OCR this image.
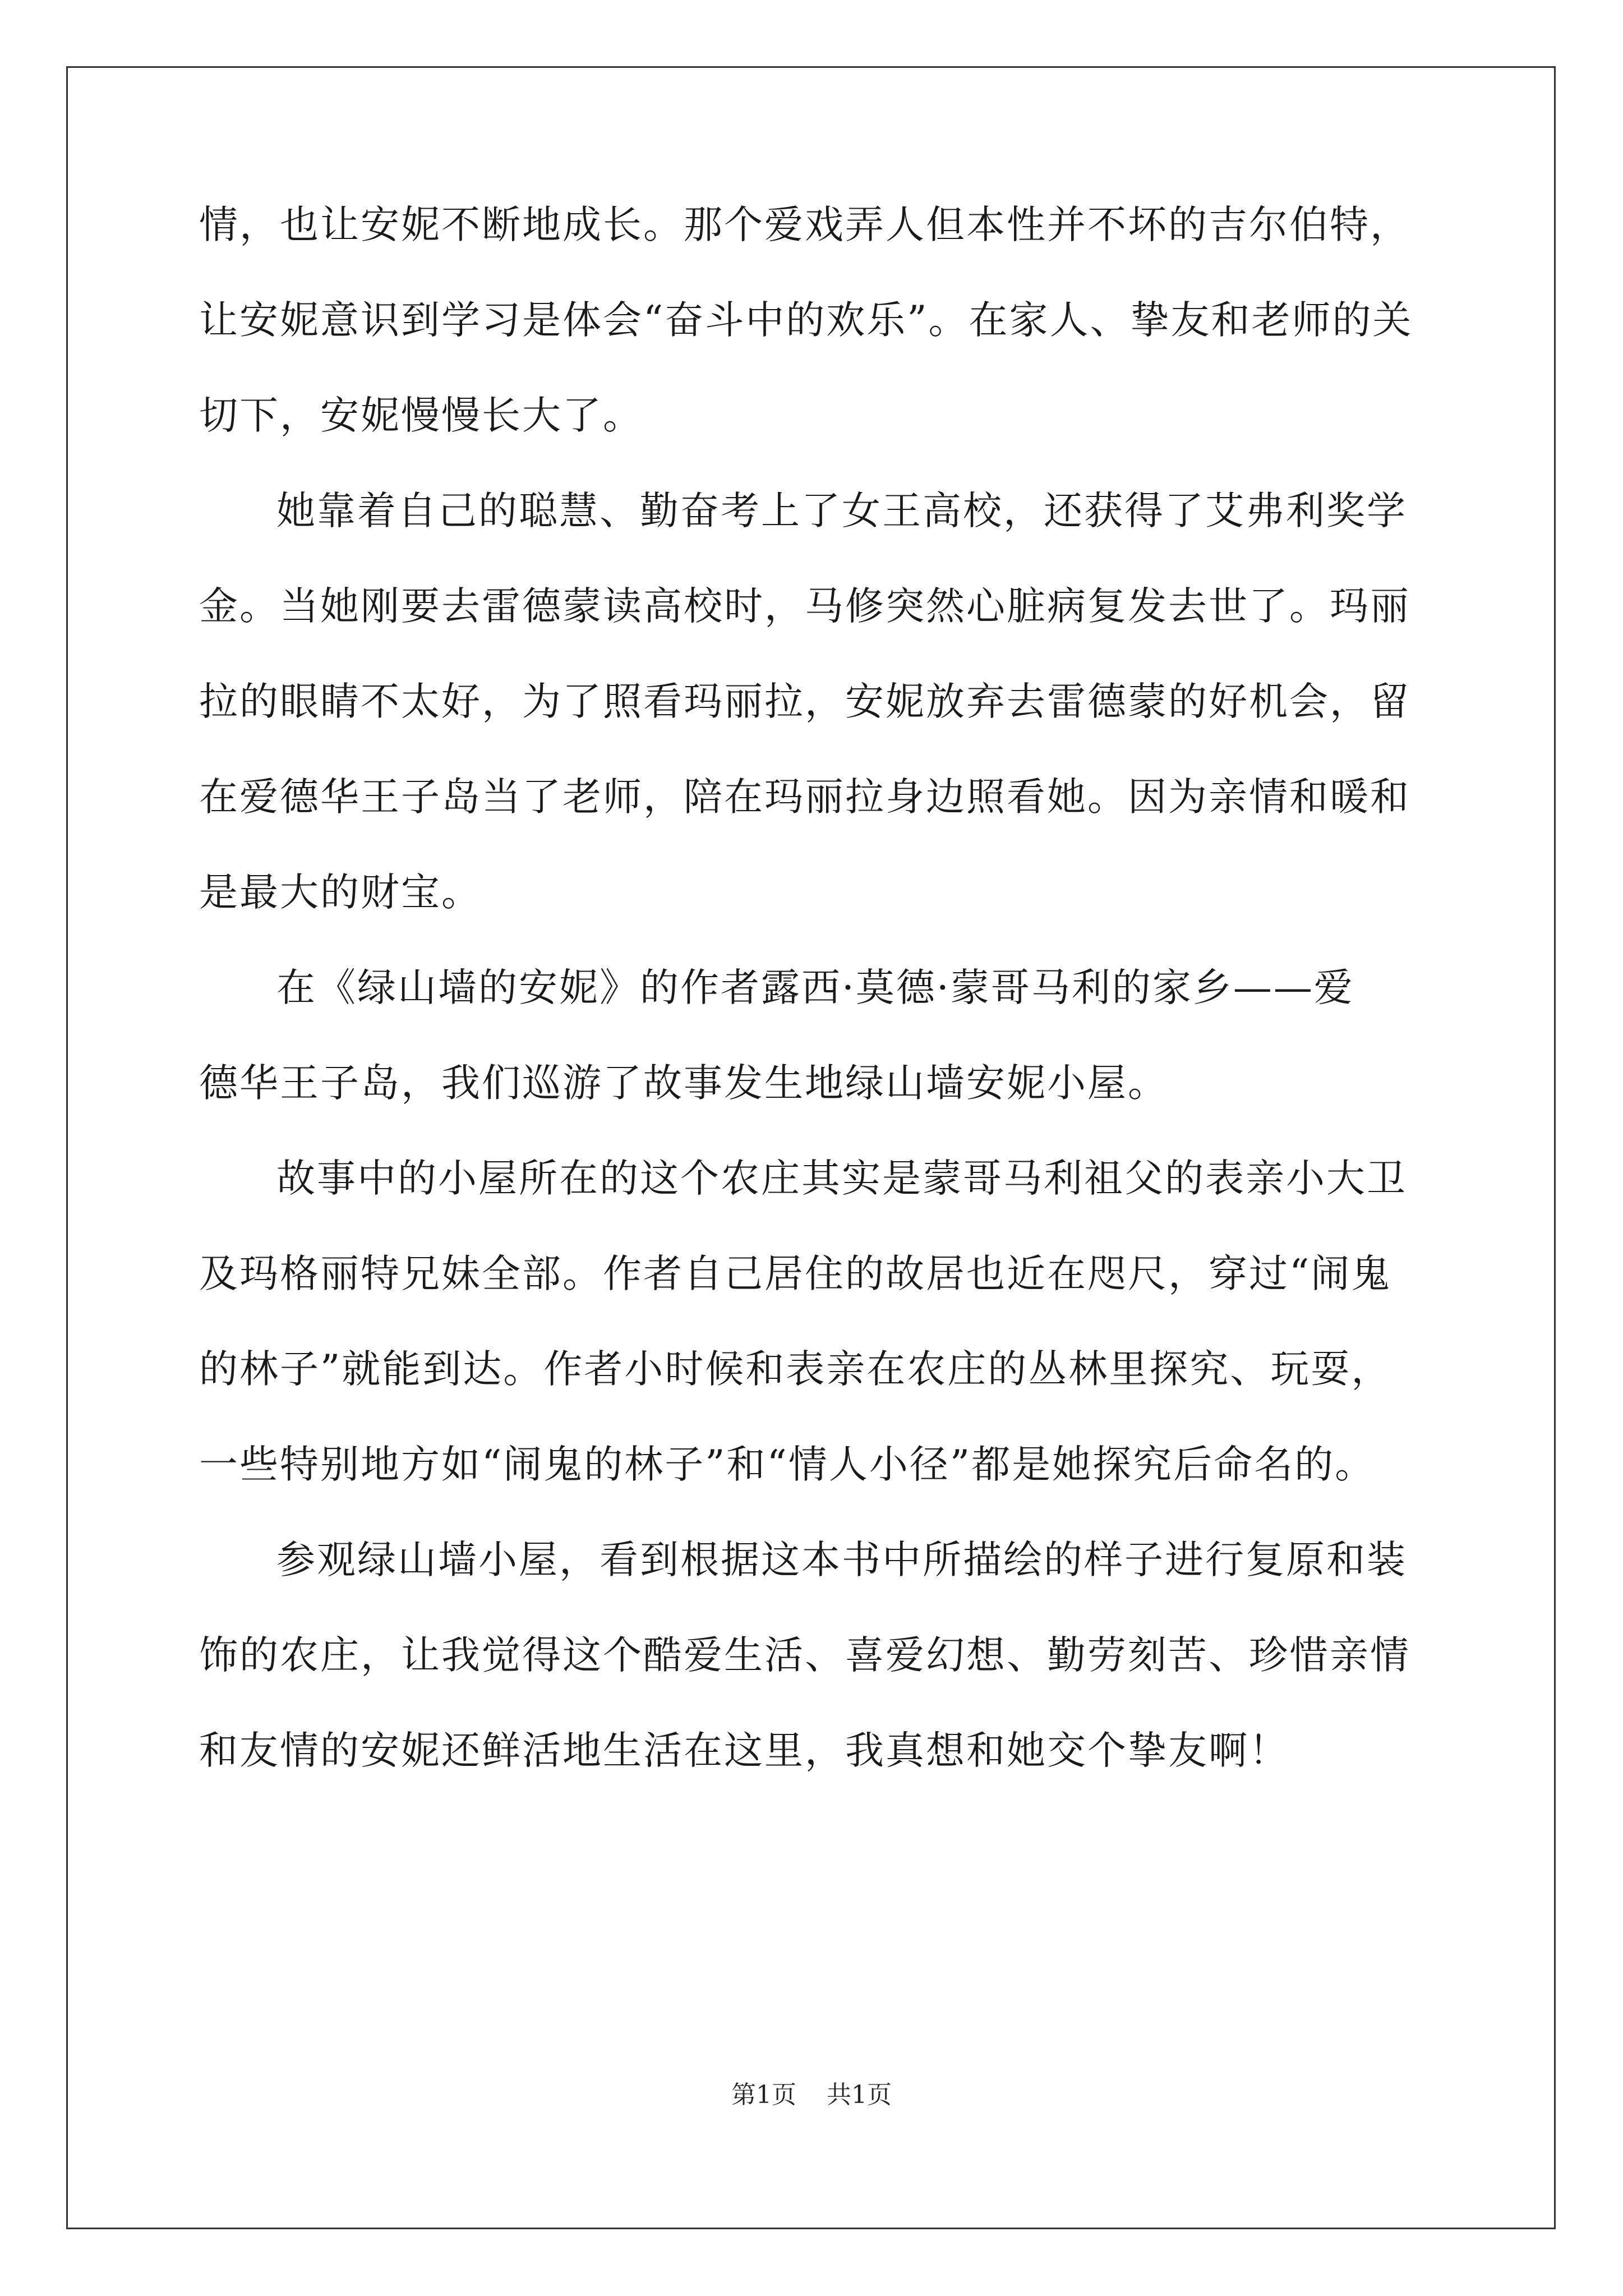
情，也让安妮不断地成长。那个爱戏弄人但本性并不坏的吉尔伯特，
让安妮意识到学习是体会“奋斗中的欢乐”。在家人、挚友和老师的关
切下，安妮慢慢长大了。
她靠着自己的聪慧、勤奋考上了女王高校，还获得了艾弗利奖学
金。当她刚要去雷德蒙读高校时，马修突然心脏病复发去世了。玛丽
拉的眼睛不太好，为了照看玛丽拉，安妮放弃去雷德蒙的好机会，留
在爱德华王子岛当了老师，陪在玛丽拉身边照看她。因为亲情和暖和
是最大的财宝。
在《绿山墙的安妮》的作者露西·莫德·蒙哥马利的家乡——爱
德华王子岛，我们巡游了故事发生地绿山墙安妮小屋。
故事中的小屋所在的这个农庄其实是蒙哥马利祖父的表亲小大卫
及玛格丽特兄妹全部。作者自己居住的故居也近在咫尺，穿过“闹鬼
的林子”就能到达。作者小时候和表亲在农庄的丛林里探究、玩耍，
一些特别地方如“闹鬼的林子”和“情人小径”都是她探究后命名的。
参观绿山墙小屋，看到根据这本书中所描绘的样子进行复原和装
饰的农庄，让我觉得这个酷爱生活、喜爱幻想、勤劳刻苦、珍惜亲情
和友情的安妮还鲜活地生活在这里，我真想和她交个挚友啊！
第1页 共1页
